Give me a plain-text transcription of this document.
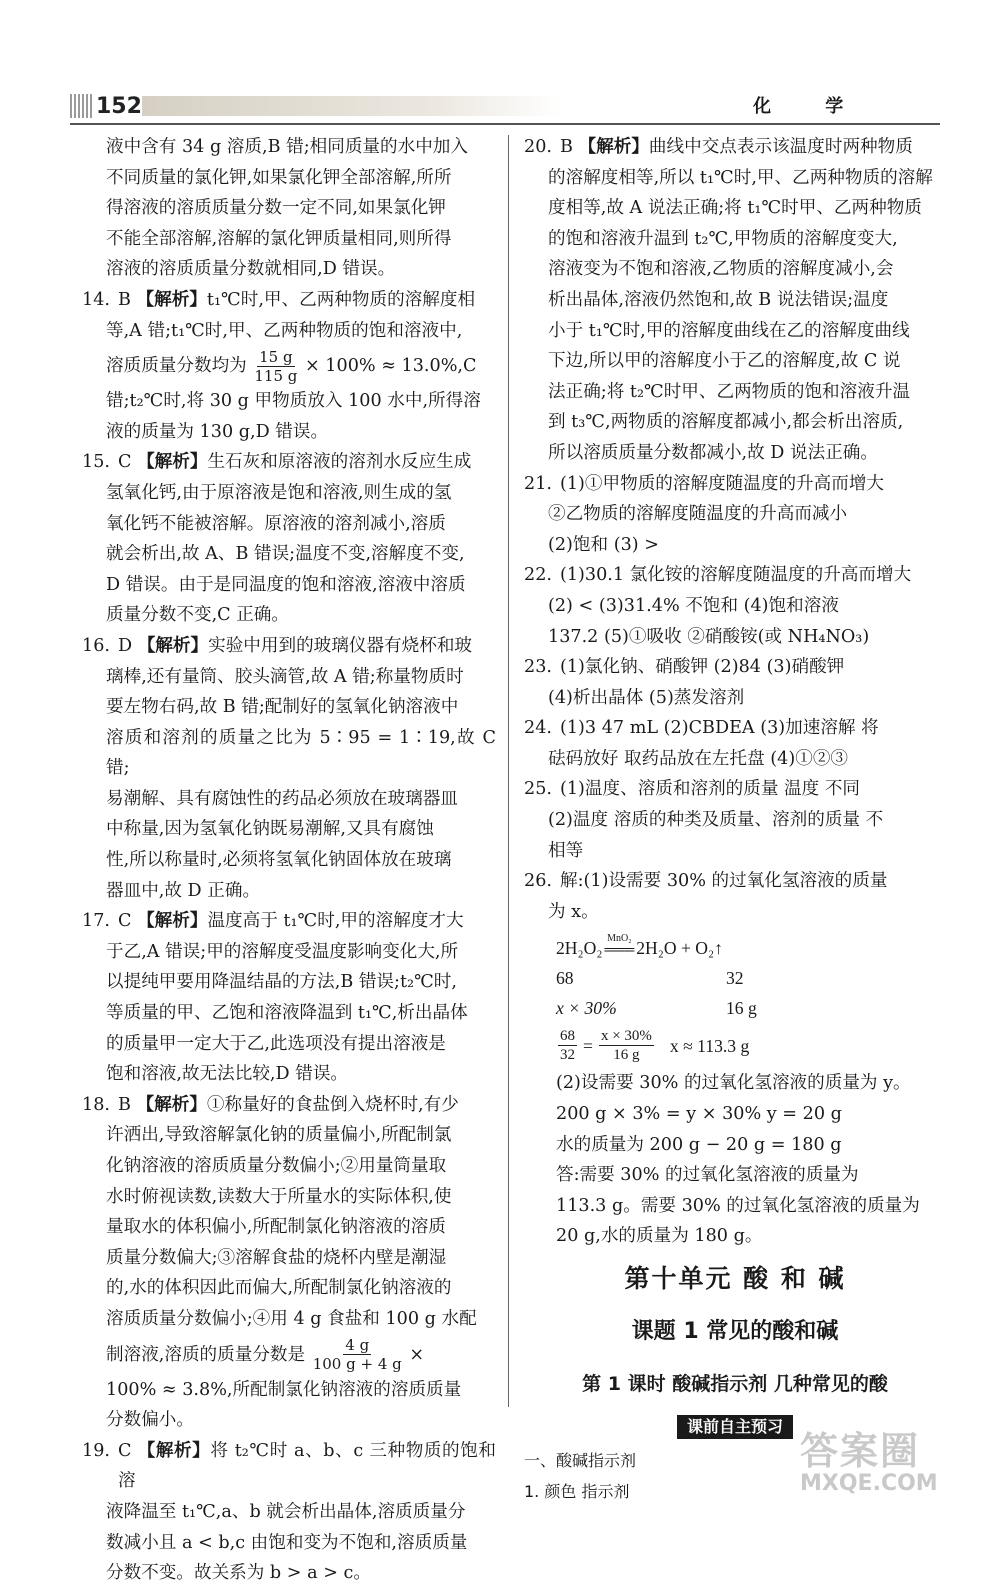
152	化 学
液中含有 34 g 溶质,B 错;相同质量的水中加入
不同质量的氯化钾,如果氯化钾全部溶解,所所
得溶液的溶质质量分数一定不同,如果氯化钾
不能全部溶解,溶解的氯化钾质量相同,则所得
溶液的溶质质量分数就相同,D 错误。
14. B 【解析】t₁℃时,甲、乙两种物质的溶解度相
等,A 错;t₁℃时,甲、乙两种物质的饱和溶液中,
溶质质量分数均为 $\frac{15 g}{115 g} \times 100\% \approx 13.0\%,C$
错;t₂℃时,将 30 g 甲物质放入 100 水中,所得溶
液的质量为 130 g,D 错误。
15. C 【解析】生石灰和原溶液的溶剂水反应生成
氢氧化钙,由于原溶液是饱和溶液,则生成的氢
氧化钙不能被溶解。原溶液的溶剂减小,溶质
就会析出,故 A、B 错误;温度不变,溶解度不变,
D 错误。由于是同温度的饱和溶液,溶液中溶质
质量分数不变,C 正确。
16. D 【解析】实验中用到的玻璃仪器有烧杯和玻
璃棒,还有量筒、胶头滴管,故 A 错;称量物质时
要左物右码,故 B 错;配制好的氢氧化钠溶液中
溶质和溶剂的质量之比为 5∶95 = 1∶19,故 C 错;
易潮解、具有腐蚀性的药品必须放在玻璃器皿
中称量,因为氢氧化钠既易潮解,又具有腐蚀
性,所以称量时,必须将氢氧化钠固体放在玻璃
器皿中,故 D 正确。
17. C 【解析】温度高于 t₁℃时,甲的溶解度才大
于乙,A 错误;甲的溶解度受温度影响变化大,所
以提纯甲要用降温结晶的方法,B 错误;t₂℃时,
等质量的甲、乙饱和溶液降温到 t₁℃,析出晶体
的质量甲一定大于乙,此选项没有提出溶液是
饱和溶液,故无法比较,D 错误。
18. B 【解析】①称量好的食盐倒入烧杯时,有少
许洒出,导致溶解氯化钠的质量偏小,所配制氯
化钠溶液的溶质质量分数偏小;②用量筒量取
水时俯视读数,读数大于所量水的实际体积,使
量取水的体积偏小,所配制氯化钠溶液的溶质
质量分数偏大;③溶解食盐的烧杯内壁是潮湿
的,水的体积因此而偏大,所配制氯化钠溶液的
溶质质量分数偏小;④用 4 g 食盐和 100 g 水配
制溶液,溶质的质量分数是 $\frac{4 g}{100 g + 4 g}$ ×
100% ≈ 3.8%,所配制氯化钠溶液的溶质质量
分数偏小。
19. C 【解析】将 t₂℃时 a、b、c 三种物质的饱和溶
液降温至 t₁℃,a、b 就会析出晶体,溶质质量分
数减小且 a < b,c 由饱和变为不饱和,溶质质量
分数不变。故关系为 b > a > c。
20. B 【解析】曲线中交点表示该温度时两种物质
的溶解度相等,所以 t₁℃时,甲、乙两种物质的溶解
度相等,故 A 说法正确;将 t₁℃时甲、乙两种物质
的饱和溶液升温到 t₂℃,甲物质的溶解度变大,
溶液变为不饱和溶液,乙物质的溶解度减小,会
析出晶体,溶液仍然饱和,故 B 说法错误;温度
小于 t₁℃时,甲的溶解度曲线在乙的溶解度曲线
下边,所以甲的溶解度小于乙的溶解度,故 C 说
法正确;将 t₂℃时甲、乙两物质的饱和溶液升温
到 t₃℃,两物质的溶解度都减小,都会析出溶质,
所以溶质质量分数都减小,故 D 说法正确。
21. (1)①甲物质的溶解度随温度的升高而增大
②乙物质的溶解度随温度的升高而减小
(2)饱和 (3) >
22. (1)30.1 氯化铵的溶解度随温度的升高而增大
(2) < (3)31.4% 不饱和 (4)饱和溶液
137.2 (5)①吸收 ②硝酸铵(或 NH₄NO₃)
23. (1)氯化钠、硝酸钾 (2)84 (3)硝酸钾
(4)析出晶体 (5)蒸发溶剂
24. (1)3 47 mL (2)CBDEA (3)加速溶解 将
砝码放好 取药品放在左托盘 (4)①②③
25. (1)温度、溶质和溶剂的质量 温度 不同
(2)温度 溶质的种类及质量、溶剂的质量 不
相等
26. 解:(1)设需要 30% 的过氧化氢溶液的质量
为 x。
2H₂O₂ MnO₂
═══ 2H₂O + O₂↑
68	32
x × 30%	16 g
$\frac{68}{32} = \frac{x \times 30\%}{16 g}$ x ≈ 113.3 g
(2)设需要 30% 的过氧化氢溶液的质量为 y。
200 g × 3% = y × 30% y = 20 g
水的质量为 200 g − 20 g = 180 g
答:需要 30% 的过氧化氢溶液的质量为
113.3 g。需要 30% 的过氧化氢溶液的质量为
20 g,水的质量为 180 g。
第十单元 酸 和 碱
课题 1 常见的酸和碱
第 1 课时 酸碱指示剂 几种常见的酸
课前自主预习
一、酸碱指示剂
1. 颜色 指示剂
答案圈
MXQE.COM
